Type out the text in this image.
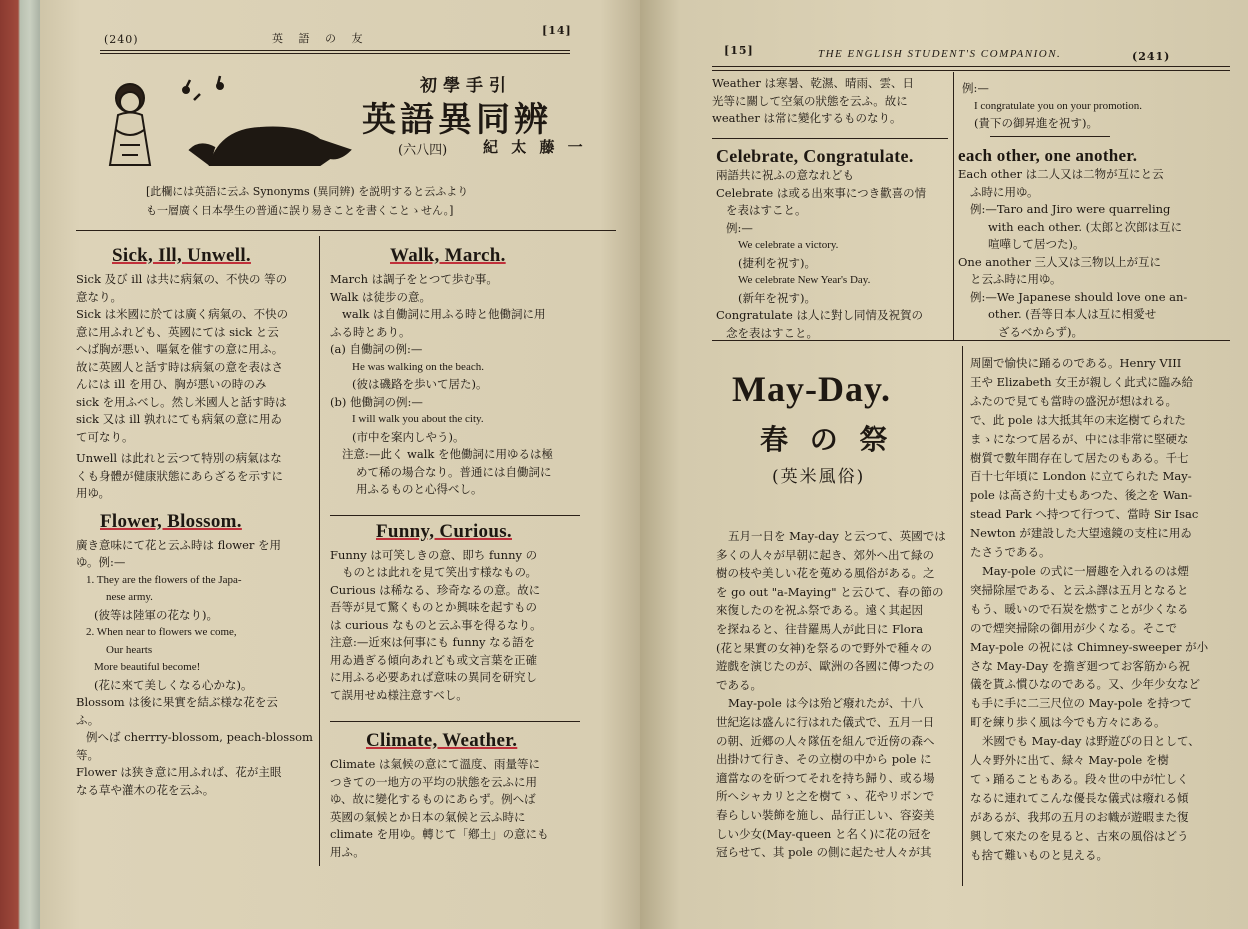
(240)	英 語 の 友
[14]
初學手引
英語異同辨
(六八四) 紀 太 藤 一

[此欄には英語に云ふ Synonyms (異同辨) を説明すると云ふより

も一層廣く日本學生の普通に誤り易きことを書くことゝせん。]

Sick, Ill, Unwell.

Sick 及び ill は共に病氣の、不快の 等の

意なり。

Sick は米國に於ては廣く病氣の、不快の

意に用ふれども、英國にては sick と云

へば胸が悪い、嘔氣を催すの意に用ふ。

故に英國人と話す時は病氣の意を表はさ

んには ill を用ひ、胸が悪いの時のみ

sick を用ふべし。然し米國人と話す時は

sick 又は ill 孰れにても病氣の意に用ゐ

て可なり。

Unwell は此れと云つて特別の病氣はな

くも身體が健康狀態にあらざるを示すに

用ゆ。

Flower, Blossom.

廣き意味にて花と云ふ時は flower を用

ゆ。例:—

1. They are the flowers of the Japa-

nese army.

(彼等は陸軍の花なり)。

2. When near to flowers we come,

Our hearts

More beautiful become!

(花に來て美しくなる心かな)。

Blossom は後に果實を結ぶ様な花を云

ふ。

例へば cherrry-blossom, peach-blossom

等。

Flower は狭き意に用ふれば、花が主眼

なる草や灌木の花を云ふ。

Walk, March.

March は調子をとつて歩む事。

Walk は徒步の意。

walk は自働詞に用ふる時と他働詞に用

ふる時とあり。

(a) 自働詞の例:—

He was walking on the beach.

(彼は磯路を歩いて居た)。

(b) 他働詞の例:—

I will walk you about the city.

(市中を案内しやう)。

注意:—此く walk を他働詞に用ゆるは極

めて稀の場合なり。普通には自働詞に

用ふるものと心得べし。

Funny, Curious.

Funny は可笑しきの意、即ち funny の

ものとは此れを見て笑出す様なもの。

Curious は稀なる、珍奇なるの意。故に

吾等が見て驚くものとか興味を起すもの

は curious なものと云ふ事を得るなり。

注意:—近來は何事にも funny なる語を

用ゐ過ぎる傾向あれども或文言葉を正確

に用ふる必要あれば意味の異同を研究し

て誤用せぬ様注意すべし。

Climate, Weather.

Climate は氣候の意にて溫度、雨量等に

つきての一地方の平均の狀態を云ふに用

ゆ、故に變化するものにあらず。例へば

英國の氣候とか日本の氣候と云ふ時に

climate を用ゆ。轉じて「鄕土」の意にも

用ふ。

[15]	THE ENGLISH STUDENT'S COMPANION.	(241)

Weather は寒暑、乾濕、晴雨、雲、日

光等に關して空氣の狀態を云ふ。故に

weather は常に變化するものなり。

Celebrate, Congratulate.

兩語共に祝ふの意なれども

Celebrate は或る出來事につき歡喜の情

を表はすこと。

例:—

We celebrate a victory.

(捷利を祝す)。

We celebrate New Year's Day.

(新年を祝す)。

Congratulate は人に對し同情及祝賀の

念を表はすこと。

例:—

I congratulate you on your promotion.

(貴下の御昇進を祝す)。

each other, one another.

Each other は二人又は二物が互にと云

ふ時に用ゆ。

例:—Taro and Jiro were quarreling

with each other. (太郎と次郎は互に

喧嘩して居つた)。

One another 三人又は三物以上が互に

と云ふ時に用ゆ。

例:—We Japanese should love one an-

other. (吾等日本人は互に相愛せ

ざるべからず)。

May-Day.
春 の 祭
(英米風俗)

五月一日を May-day と云つて、英國では

多くの人々が早朝に起き、郊外へ出て緑の

樹の枝や美しい花を蒐める風俗がある。之

を go out "a-Maying" と云ひて、春の節の

來復したのを祝ふ祭である。遠く其起因

を探ねると、往昔羅馬人が此日に Flora

(花と果實の女神)を祭るので野外で種々の

遊戲を演じたのが、歐洲の各國に傳つたの

である。

May-pole は今は殆ど癈れたが、十八

世紀迄は盛んに行はれた儀式で、五月一日

の朝、近郷の人々隊伍を組んで近傍の森へ

出掛けて行き、その立樹の中から pole に

適當なのを斫つてそれを持ち歸り、或る場

所へシャカリと之を樹てゝ、花やリボンで

春らしい裝飾を施し、品行正しい、容姿美

しい少女(May-queen と名く)に花の冠を

冠らせて、其 pole の側に起たせ人々が其

周圍で愉快に踊るのである。Henry VIII

王や Elizabeth 女王が親しく此式に臨み給

ふたので見ても當時の盛況が想はれる。

で、此 pole は大抵其年の末迄樹てられた

まゝになつて居るが、中には非常に堅硬な

樹質で數年間存在して居たのもある。千七

百十七年頃に London に立てられた May-

pole は高さ約十丈もあつた、後之を Wan-

stead Park へ持つて行つて、當時 Sir Isac

Newton が建設した大望遠鏡の支柱に用ゐ

たさうである。

May-pole の式に一層趣を入れるのは煙

突掃除屋である、と云ふ譯は五月となると

もう、暖いので石炭を燃すことが少くなる

ので煙突掃除の御用が少くなる。そこで

May-pole の祝には Chimney-sweeper が小

さな May-Day を擔ぎ廻つてお客筋から祝

儀を貰ふ慣ひなのである。又、少年少女など

も手に手に二三尺位の May-pole を持つて

町を練り歩く風は今でも方々にある。

米國でも May-day は野遊びの日として、

人々野外に出て、緑々 May-pole を樹

てゝ踊ることもある。段々世の中が忙しく

なるに連れてこんな優長な儀式は癈れる傾

があるが、我邦の五月のお幟が遊暇また復

興して來たのを見ると、古來の風俗はどう

も捨て難いものと見える。
